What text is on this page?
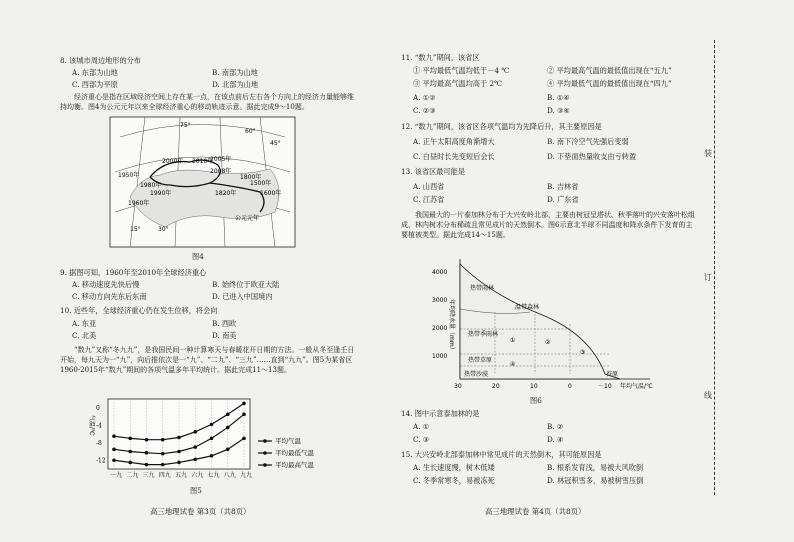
8. 该城市周边地形的分布
A. 东部为山地	B. 南部为山地
C. 西部为平原	D. 北部为山地
经济重心是指在区域经济空间上存在某一点，在该点前后左右各个方向上的经济力量能够维持均衡。图4为公元元年以来全球经济重心的移动轨迹示意。据此完成9～10题。
75°
60°
45°
15°	30°
2000年 2010年
2005年
2008年
1950年
1990年
1980年
1960年
1820年
1800年
1600年
1500年
公元元年
图4
9. 据图可知，1960年至2010年全球经济重心
A. 移动速度先快后慢	B. 始终位于欧亚大陆
C. 移动方向先东后东南	D. 已进入中国境内
10. 近些年，全球经济重心仍在发生位移，将会向
A. 东亚	B. 西欧
C. 北美	D. 南美
“数九”又称“冬九九”，是我国民间一种计算寒天与春暖花开日期的方法。一般从冬至逢壬日开始，每九天为一“九”，向后推依次是一“九”、“二九”、“三九”……直到“九九”。图5为某省区1960-2015年“数九”期间的各项气温多年平均统计。据此完成11～13题。
一九 二九 三九 四九 五九 六九 七九 八九 九九
0
-4
-8
-12
气温/℃
平均气温
平均最低气温
平均最高气温
图5
高三地理试卷 第3页（共8页）
11. “数九”期间，该省区
① 平均最低气温均低于－4 ℃	② 平均最高气温的最低值出现在“五九”
③ 平均最高气温均高于 2℃	④ 平均最低气温的最低值出现在“四九”
A. ①②	B. ①④
C. ②③	D. ③④
12. “数九”期间，该省区各项气温均为先降后升，其主要原因是
A. 正午太阳高度角渐增大	B. 南下冷空气先强后变弱
C. 白昼时长先变短后会长	D. 下垫面热量收支由亏转盈
13. 该省区最可能是
A. 山西省	B. 吉林省
C. 江苏省	D. 广东省
我国最大的一片泰加林分布于大兴安岭北部，主要由树冠呈塔状、秋季落叶的兴安落叶松组成，林内树木分布稀疏且常见成片的天然倒木。图6示意北半球不同温度和降水条件下发育的主要植被类型。据此完成14～15题。
4000
3000
2000
1000
30	20	10	0	－10 年均气温/℃
年均降水量（mm）
热带雨林
温带森林
热带季雨林
热带草原
①	②
③
④
热带沙漠	苔原
图6
14. 图中示意泰加林的是
A. ①	B. ②
C. ③	D. ④
15. 大兴安岭北部泰加林中常见成片的天然倒木，其可能原因是
A. 生长速度慢，树木低矮	B. 根系发育浅，易被大风吹倒
C. 冬季常寒冬，易被冻死	D. 林冠积雪多，易被树雪压倒
高三地理试卷 第4页（共8页）
装
订
线
